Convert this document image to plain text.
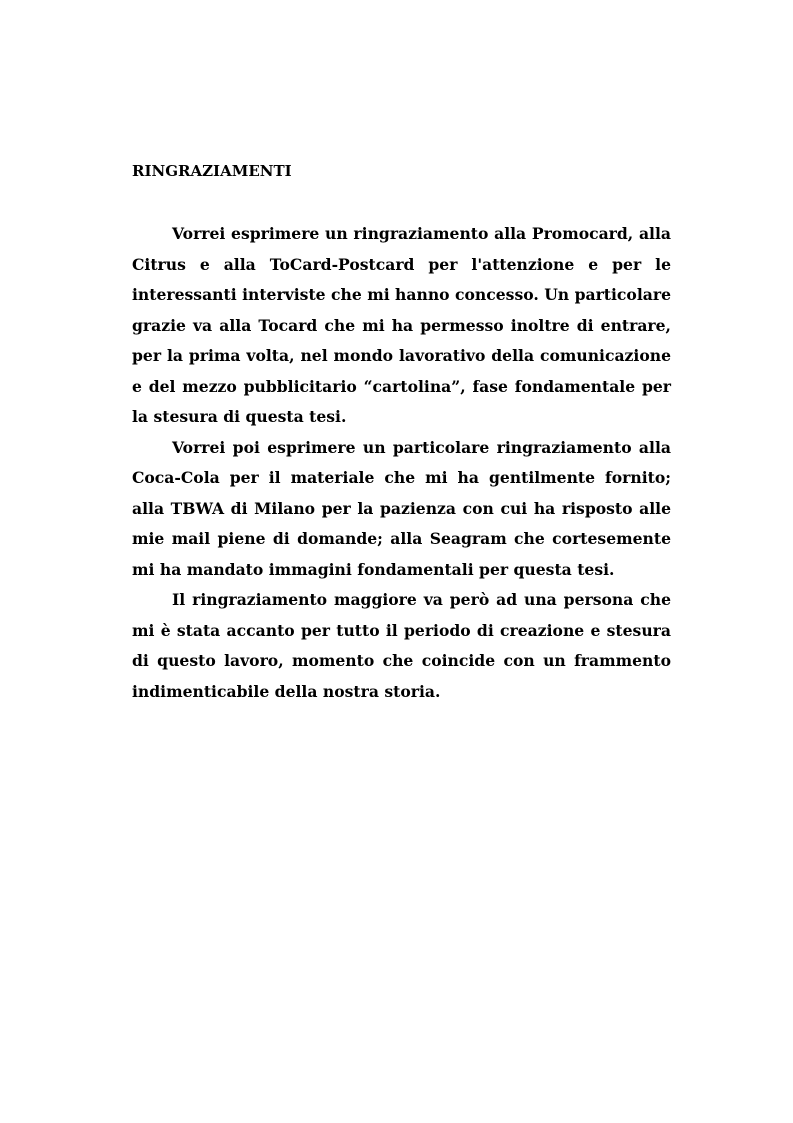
RINGRAZIAMENTI

Vorrei esprimere un ringraziamento alla Promocard, alla Citrus e alla ToCard-Postcard per l'attenzione e per le interessanti interviste che mi hanno concesso. Un particolare grazie va alla Tocard che mi ha permesso inoltre di entrare, per la prima volta, nel mondo lavorativo della comunicazione e del mezzo pubblicitario “cartolina”, fase fondamentale per la stesura di questa tesi.

Vorrei poi esprimere un particolare ringraziamento alla Coca-Cola per il materiale che mi ha gentilmente fornito; alla TBWA di Milano per la pazienza con cui ha risposto alle mie mail piene di domande; alla Seagram che cortesemente mi ha mandato immagini fondamentali per questa tesi.

Il ringraziamento maggiore va però ad una persona che mi è stata accanto per tutto il periodo di creazione e stesura di questo lavoro, momento che coincide con un frammento indimenticabile della nostra storia.
